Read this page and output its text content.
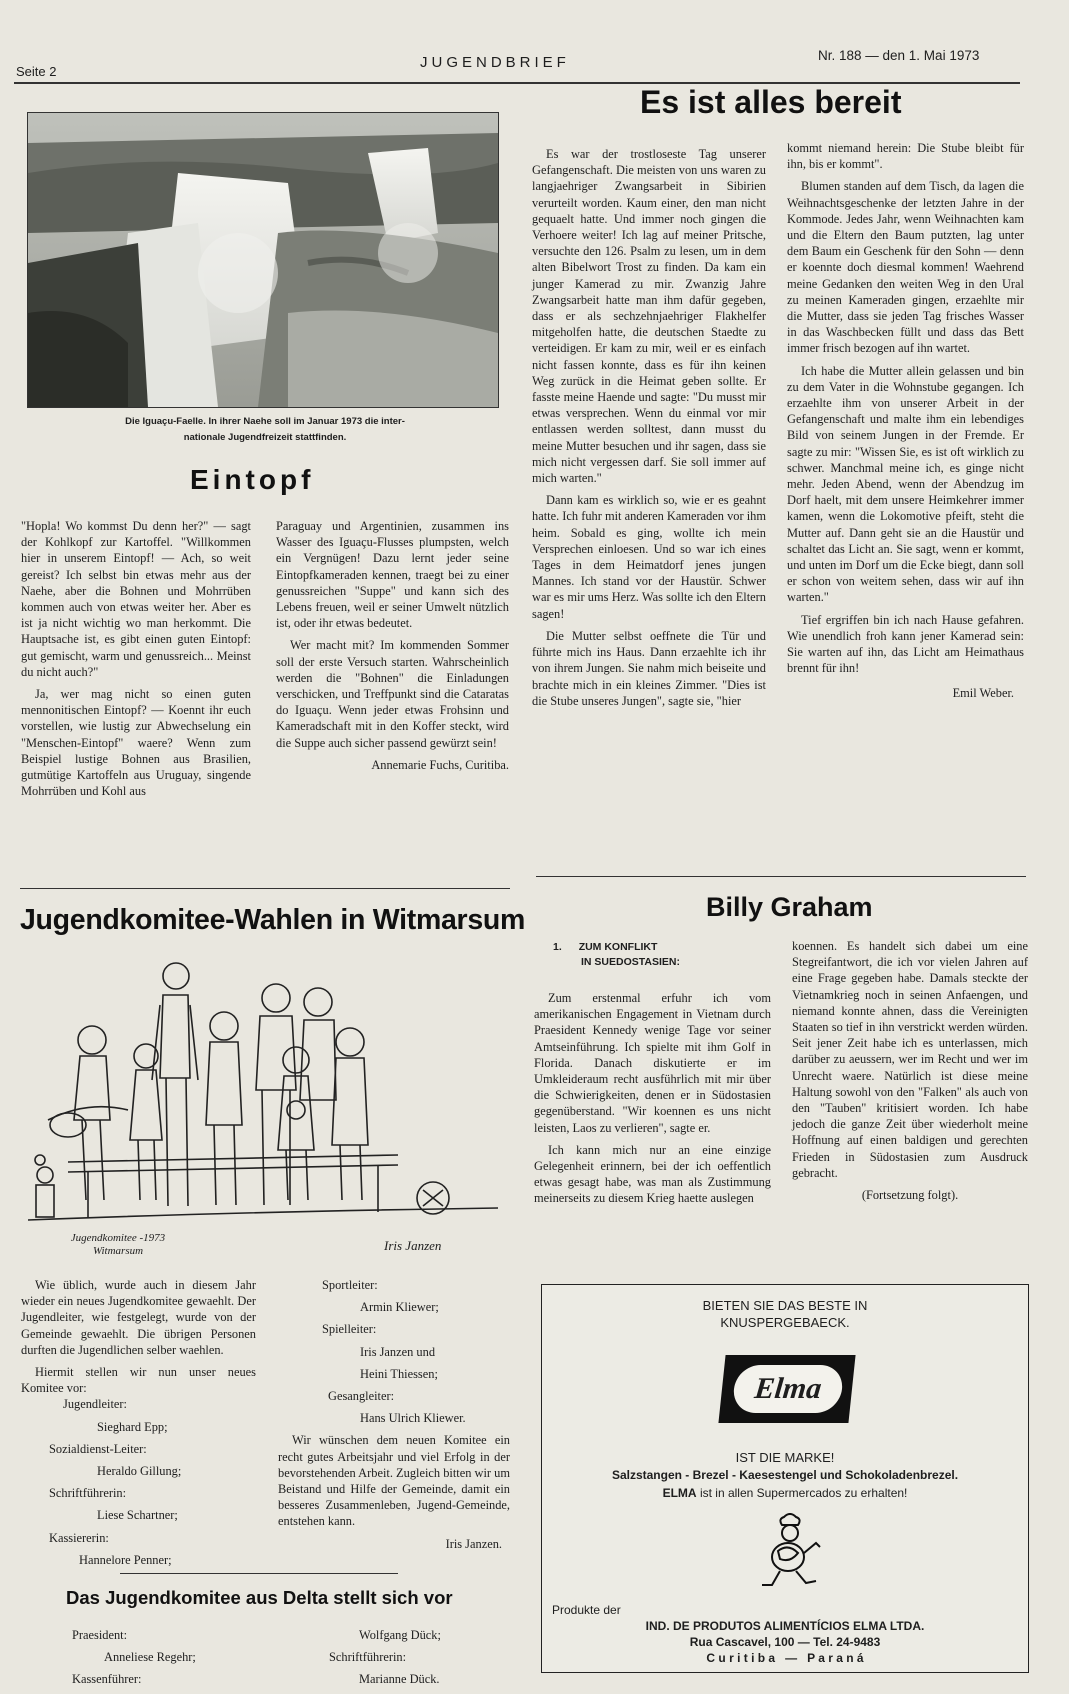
Seite 2
JUGENDBRIEF	Nr. 188 — den 1. Mai 1973
Die Iguaçu-Faelle. In ihrer Naehe soll im Januar 1973 die inter-
nationale Jugendfreizeit stattfinden.
Eintopf

"Hopla! Wo kommst Du denn her?" — sagt der Kohlkopf zur Kartoffel. "Willkommen hier in unserem Eintopf! — Ach, so weit gereist? Ich selbst bin etwas mehr aus der Naehe, aber die Bohnen und Mohrrüben kommen auch von etwas weiter her. Aber es ist ja nicht wichtig wo man herkommt. Die Hauptsache ist, es gibt einen guten Eintopf: gut gemischt, warm und genussreich... Meinst du nicht auch?"

Ja, wer mag nicht so einen guten mennonitischen Eintopf? — Koennt ihr euch vorstellen, wie lustig zur Abwechselung ein "Menschen-Eintopf" waere? Wenn zum Beispiel lustige Bohnen aus Brasilien, gutmütige Kartoffeln aus Uruguay, singende Mohrrüben und Kohl aus

Paraguay und Argentinien, zusammen ins Wasser des Iguaçu-Flusses plumpsten, welch ein Vergnügen! Dazu lernt jeder seine Eintopfkameraden kennen, traegt bei zu einer genussreichen "Suppe" und kann sich des Lebens freuen, weil er seiner Umwelt nützlich ist, oder ihr etwas bedeutet.

Wer macht mit? Im kommenden Sommer soll der erste Versuch starten. Wahrscheinlich werden die "Bohnen" die Einladungen verschicken, und Treffpunkt sind die Cataratas do Iguaçu. Wenn jeder etwas Frohsinn und Kameradschaft mit in den Koffer steckt, wird die Suppe auch sicher passend gewürzt sein!

Annemarie Fuchs, Curitiba.
Es ist alles bereit

Es war der trostloseste Tag unserer Gefangenschaft. Die meisten von uns waren zu langjaehriger Zwangsarbeit in Sibirien verurteilt worden. Kaum einer, den man nicht gequaelt hatte. Und immer noch gingen die Verhoere weiter! Ich lag auf meiner Pritsche, versuchte den 126. Psalm zu lesen, um in dem alten Bibelwort Trost zu finden. Da kam ein junger Kamerad zu mir. Zwanzig Jahre Zwangsarbeit hatte man ihm dafür gegeben, dass er als sechzehnjaehriger Flakhelfer mitgeholfen hatte, die deutschen Staedte zu verteidigen. Er kam zu mir, weil er es einfach nicht fassen konnte, dass es für ihn keinen Weg zurück in die Heimat geben sollte. Er fasste meine Haende und sagte: "Du musst mir etwas versprechen. Wenn du einmal vor mir entlassen werden solltest, dann musst du meine Mutter besuchen und ihr sagen, dass sie mich nicht vergessen darf. Sie soll immer auf mich warten."

Dann kam es wirklich so, wie er es geahnt hatte. Ich fuhr mit anderen Kameraden vor ihm heim. Sobald es ging, wollte ich mein Versprechen einloesen. Und so war ich eines Tages in dem Heimatdorf jenes jungen Mannes. Ich stand vor der Haustür. Schwer war es mir ums Herz. Was sollte ich den Eltern sagen!

Die Mutter selbst oeffnete die Tür und führte mich ins Haus. Dann erzaehlte ich ihr von ihrem Jungen. Sie nahm mich beiseite und brachte mich in ein kleines Zimmer. "Dies ist die Stube unseres Jungen", sagte sie, "hier

kommt niemand herein: Die Stube bleibt für ihn, bis er kommt".

Blumen standen auf dem Tisch, da lagen die Weihnachtsgeschenke der letzten Jahre in der Kommode. Jedes Jahr, wenn Weihnachten kam und die Eltern den Baum putzten, lag unter dem Baum ein Geschenk für den Sohn — denn er koennte doch diesmal kommen! Waehrend meine Gedanken den weiten Weg in den Ural zu meinen Kameraden gingen, erzaehlte mir die Mutter, dass sie jeden Tag frisches Wasser in das Waschbecken füllt und dass das Bett immer frisch bezogen auf ihn wartet.

Ich habe die Mutter allein gelassen und bin zu dem Vater in die Wohnstube gegangen. Ich erzaehlte ihm von unserer Arbeit in der Gefangenschaft und malte ihm ein lebendiges Bild von seinem Jungen in der Fremde. Er sagte zu mir: "Wissen Sie, es ist oft wirklich zu schwer. Manchmal meine ich, es ginge nicht mehr. Jeden Abend, wenn der Abendzug im Dorf haelt, mit dem unsere Heimkehrer immer kamen, wenn die Lokomotive pfeift, steht die Mutter auf. Dann geht sie an die Haustür und schaltet das Licht an. Sie sagt, wenn er kommt, und unten im Dorf um die Ecke biegt, dann soll er schon von weitem sehen, dass wir auf ihn warten."

Tief ergriffen bin ich nach Hause gefahren. Wie unendlich froh kann jener Kamerad sein: Sie warten auf ihn, das Licht am Heimathaus brennt für ihn!

Emil Weber.
Jugendkomitee-Wahlen in Witmarsum
Jugendkomitee -1973
Witmarsum	Iris Janzen

Wie üblich, wurde auch in diesem Jahr wieder ein neues Jugendkomitee gewaehlt. Der Jugendleiter, wie festgelegt, wurde von der Gemeinde gewaehlt. Die übrigen Personen durften die Jugendlichen selber waehlen.

Hiermit stellen wir nun unser neues Komitee vor:

Jugendleiter:

Sieghard Epp;

Sozialdienst-Leiter:

Heraldo Gillung;

Schriftführerin:

Liese Schartner;

Kassiererin:

Hannelore Penner;

Sportleiter:

Armin Kliewer;

Spielleiter:

Iris Janzen und

Heini Thiessen;

Gesangleiter:

Hans Ulrich Kliewer.

Wir wünschen dem neuen Komitee ein recht gutes Arbeitsjahr und viel Erfolg in der bevorstehenden Arbeit. Zugleich bitten wir um Beistand und Hilfe der Gemeinde, damit ein besseres Zusammenleben, Jugend-Gemeinde, entstehen kann.

Iris Janzen.
Das Jugendkomitee aus Delta stellt sich vor

Praesident:

Anneliese Regehr;

Kassenführer:

Wolfgang Dück;

Schriftführerin:

Marianne Dück.

Billy Graham
1. ZUM KONFLIKT
IN SUEDOSTASIEN:

Zum erstenmal erfuhr ich vom amerikanischen Engagement in Vietnam durch Praesident Kennedy wenige Tage vor seiner Amtseinführung. Ich spielte mit ihm Golf in Florida. Danach diskutierte er im Umkleideraum recht ausführlich mit mir über die Schwierigkeiten, denen er in Südostasien gegenüberstand. "Wir koennen es uns nicht leisten, Laos zu verlieren", sagte er.

Ich kann mich nur an eine einzige Gelegenheit erinnern, bei der ich oeffentlich etwas gesagt habe, was man als Zustimmung meinerseits zu diesem Krieg haette auslegen

koennen. Es handelt sich dabei um eine Stegreifantwort, die ich vor vielen Jahren auf eine Frage gegeben habe. Damals steckte der Vietnamkrieg noch in seinen Anfaengen, und niemand konnte ahnen, dass die Vereinigten Staaten so tief in ihn verstrickt werden würden. Seit jener Zeit habe ich es unterlassen, mich darüber zu aeussern, wer im Recht und wer im Unrecht waere. Natürlich ist diese meine Haltung sowohl von den "Falken" als auch von den "Tauben" kritisiert worden. Ich habe jedoch die ganze Zeit über wiederholt meine Hoffnung auf einen baldigen und gerechten Frieden in Südostasien zum Ausdruck gebracht.

(Fortsetzung folgt).
BIETEN SIE DAS BESTE IN
KNUSPERGEBAECK.
Elma
IST DIE MARKE!
Salzstangen - Brezel - Kaesestengel und Schokoladenbrezel.
ELMA ist in allen Supermercados zu erhalten!
Produkte der
IND. DE PRODUTOS ALIMENTÍCIOS ELMA LTDA.
Rua Cascavel, 100 — Tel. 24-9483
C u r i t i b a   —   P a r a n á
